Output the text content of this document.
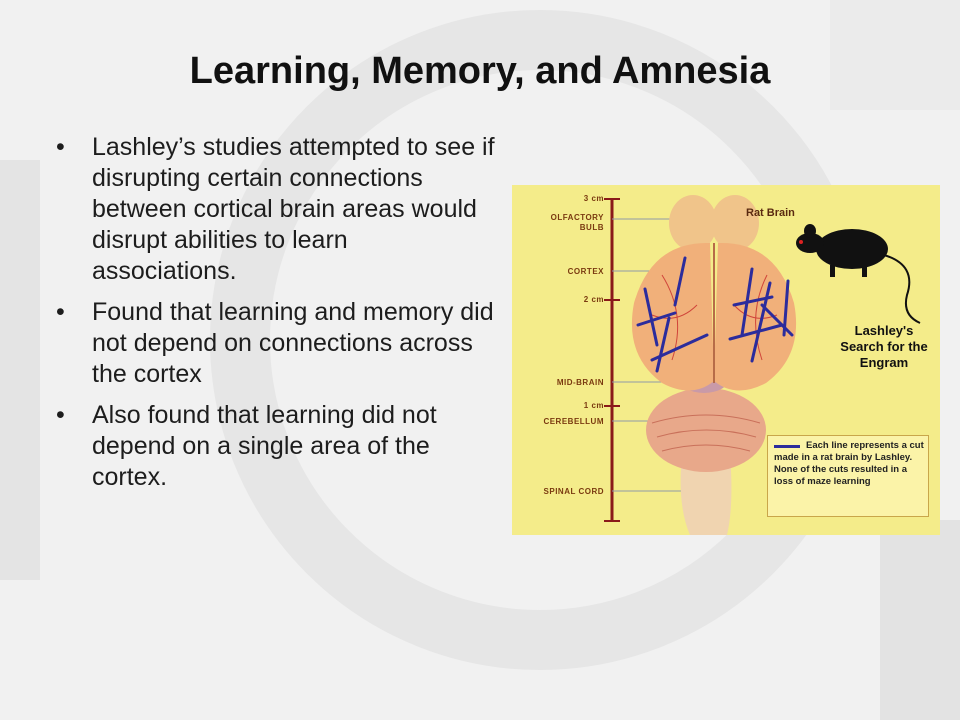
Learning, Memory, and Amnesia
• Lashley’s studies attempted to see if disrupting certain connections between cortical brain areas would disrupt abilities to learn associations.
• Found that learning and memory did not depend on connections across the cortex
• Also found that learning did not depend on a single area of the cortex.
3 cm
OLFACTORY BULB
CORTEX
2 cm
MID-BRAIN
1 cm
CEREBELLUM
SPINAL CORD
Rat Brain
Lashley's Search for the Engram
Each line represents a cut made in a rat brain by Lashley. None of the cuts resulted in a loss of maze learning
